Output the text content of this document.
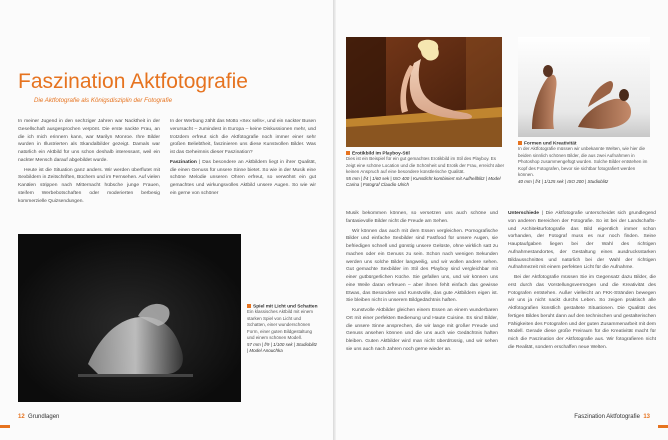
Faszination Aktfotografie

Die Aktfotografie als Königsdisziplin der Fotografie

In meiner Jugend in den sechziger Jahren war Nacktheit in der Gesellschaft ausgesprochen verpönt. Die erste nackte Frau, an die ich mich erinnern kann, war Marilyn Monroe. Ihre Bilder wurden in Illustrierten als Skandalbilder gezeigt. Damals war natürlich ein Aktbild für uns schon deshalb interessant, weil ein nackter Mensch darauf abgebildet wurde.

Heute ist die Situation ganz anders. Wir werden überflutet mit Sexbildern in Zeitschriften, Büchern und im Fernsehen. Auf vielen Kanälen strippen nach Mitternacht hübsche junge Frauen, steifem Werbebotschaften oder moderierten berbesig kommerzielle Quizsendungen.

In der Werbung zählt das Motto »Sex sells«, und ein nackter Busen verursacht – zumindest in Europa – keine Diskussionen mehr, und trotzdem erfreut sich die Aktfotografie noch immer einer sehr großen Beliebtheit, faszinieren uns diese Kunstvollen Bilder. Was ist das Geheimnis dieser Faszination?

Faszination | Das besondere an Aktbildern liegt in ihrer Qualität, die einen Genuss für unsere Sinne bietet. So wie in der Musik eine schöne Melodie unseren Ohren erfreut, so verwöhnt ein gut gemachtes und wirkungsvolles Aktbild unsere Augen. So wie wir ein gerne von schöner

Spiel mit Licht und Schatten
Ein klassisches Aktbild mit einem starken Spiel von Licht und Schatten, einer wunderschönen Form, einer guten Bildgestaltung und einem schönen Modell.
57 mm | f/9 | 1/100 sek | Studioblitz | Model Anouchka
12 Grundlagen
Erotikbild im Playboy-Stil
Dies ist ein Beispiel für ein gut gemachtes Erotikbild im Stil des Playboy. Es zeigt eine schöne Location und die Schönheit und Erotik der Frau, erreicht aber keinen Anspruch auf eine besondere künstlerische Qualität.
55 mm | f/4 | 1/60 sek | ISO 400 | Kunstlicht kombiniert mit Aufhellblitz | Model Carina | Fotograf Claudio Ulrich
Formen und Kreativität
In der Aktfotografie müssen wir unbekannte Welten, wie hier die beiden sinnlich schönen Bilder, die aus zwei Aufnahmen in Photoshop zusammengefügt wurden. Solche Bilder entstehen im Kopf des Fotografen, bevor sie sichtbar fotografiert werden können.
40 mm | f/4 | 1/125 sek | ISO 200 | Studioblitz

Musik bekommen können, so versetzen uns auch schöne und fantasievolle Bilder nicht die Freude am Sehen.

Wir können das auch mit dem Essen vergleichen. Pornografische Bilder und einfache Sexbilder sind Fastfood für unsere Augen, sie befriedigen schnell und günstig unsere Gelüste, ohne wirklich satt zu machen oder ein Genuss zu sein. Schon nach wenigen Sekunden werden uns solche Bilder langweilig, und wir wollen andere sehen. Gut gemachte Sexbilder im Stil des Playboy sind vergleichbar mit einer gutbürgerlichen Küche. Sie gefallen uns, und wir können uns eine Weile daran erfreuen – aber ihnen fehlt einfach das gewisse Etwas, das Besondere und Kunstvolle, das gute Aktbildern eigen ist. Sie bleiben nicht in unserem Bildgedächtnis haften.

Kunstvolle Aktbilder gleichen einem Essen an einem wunderbaren Ort mit einer perfekten Bedienung und Haute Cuisine. Es sind Bilder, die unsere Sinne ansprechen, die wir lange mit großer Freude und Genuss ansehen können und die uns auch wie Gedächtnis haften bleiben. Guten Aktbilder wird man nicht überdrüssig, und wir sehen sie uns auch nach Jahren noch gerne wieder an.

Unterschiede | Die Aktfotografie unterscheidet sich grundlegend von anderen Bereichen der Fotografie. So ist bei der Landschafts- und Architekturfotografie das Bild eigentlich immer schon vorhanden, der Fotograf muss es nur noch finden. Seine Hauptaufgaben liegen bei der Wahl des richtigen Aufnahmestandortes, der Gestaltung eines ausdrucksstarken Bildausschnittes und natürlich bei der Wahl der richtigen Aufnahmezeit mit einem perfekten Licht für die Aufnahme.

Bei der Aktfotografie müssen Sie im Gegensatz dazu Bilder, die erst durch das Vorstellungsvermögen und die Kreativität des Fotografen entstehen. Außer vielleicht an FKK-Stränden bewegen wir uns ja nicht nackt durchs Leben. So zeigen praktisch alle Aktfotografien künstlich gestaltete Situationen. Die Qualität des fertigen Bildes beruht dann auf den technischen und gestalterischen Fähigkeiten des Fotografen und der guten Zusammenarbeit mit dem Modell. Gerade diese große Freiraum für die Kreativität macht für mich die Faszination der Aktfotografie aus. Wir fotografieren nicht die Realität, sondern erschaffen neue Welten.

Faszination Aktfotografie 13
